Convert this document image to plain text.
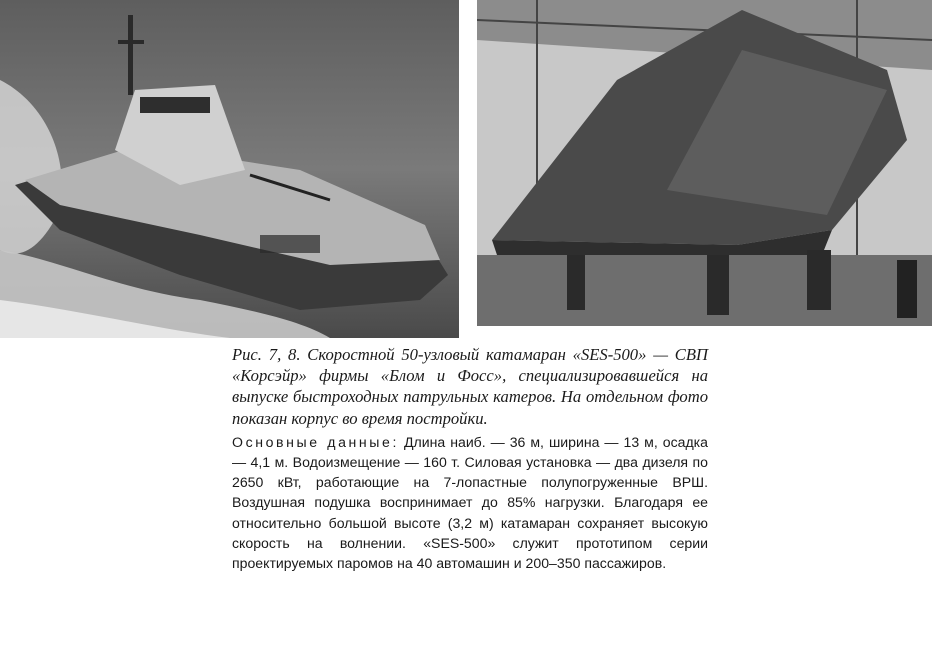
Рис. 7, 8. Скоростной 50-узловый катамаран «SES-500» — СВП «Корсэйр» фирмы «Блом и Фосс», специализировавшейся на выпуске быстроходных патрульных катеров. На отдельном фото показан корпус во время постройки.

Основные данные: Длина наиб. — 36 м, ширина — 13 м, осадка — 4,1 м. Водоизмещение — 160 т. Силовая установка — два дизеля по 2650 кВт, работающие на 7-лопастные полупогруженные ВРШ. Воздушная подушка воспринимает до 85% нагрузки. Благодаря ее относительно большой высоте (3,2 м) катамаран сохраняет высокую скорость на волнении. «SES-500» служит прототипом серии проектируемых паромов на 40 автомашин и 200–350 пассажиров.
